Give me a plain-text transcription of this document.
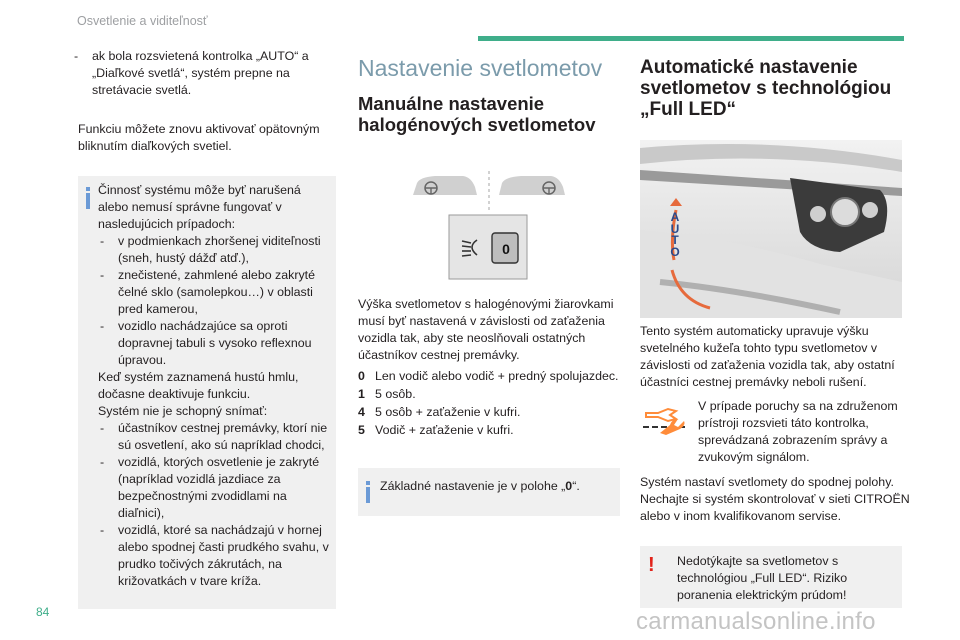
Osvetlenie a viditeľnosť
- ak bola rozsvietená kontrolka „AUTO“ a „Diaľkové svetlá“, systém prepne na stretávacie svetlá.
Funkciu môžete znovu aktivovať opätovným bliknutím diaľkových svetiel.
Činnosť systému môže byť narušená alebo nemusí správne fungovať v nasledujúcich prípadoch:
- v podmienkach zhoršenej viditeľnosti (sneh, hustý dážď atď.),
- znečistené, zahmlené alebo zakryté čelné sklo (samolepkou…) v oblasti pred kamerou,
- vozidlo nachádzajúce sa oproti dopravnej tabuli s vysoko reflexnou úpravou.
Keď systém zaznamená hustú hmlu, dočasne deaktivuje funkciu.
Systém nie je schopný snímať:
- účastníkov cestnej premávky, ktorí nie sú osvetlení, ako sú napríklad chodci,
- vozidlá, ktorých osvetlenie je zakryté (napríklad vozidlá jazdiace za bezpečnostnými zvodidlami na diaľnici),
- vozidlá, ktoré sa nachádzajú v hornej alebo spodnej časti prudkého svahu, v prudko točivých zákrutách, na križovatkách v tvare kríža.
Nastavenie svetlometov
Manuálne nastavenie halogénových svetlometov
0
Výška svetlometov s halogénovými žiarovkami musí byť nastavená v závislosti od zaťaženia vozidla tak, aby ste neoslňovali ostatných účastníkov cestnej premávky.
0 Len vodič alebo vodič + predný spolujazdec.
1 5 osôb.
4 5 osôb + zaťaženie v kufri.
5 Vodič + zaťaženie v kufri.
Základné nastavenie je v polohe „0“.
Automatické nastavenie
svetlometov s technológiou
„Full LED“
A
U
T
O
Tento systém automaticky upravuje výšku svetelného kužeľa tohto typu svetlometov v závislosti od zaťaženia vozidla tak, aby ostatní účastníci cestnej premávky neboli rušení.
V prípade poruchy sa na združenom prístroji rozsvieti táto kontrolka, sprevádzaná zobrazením správy a zvukovým signálom.
Systém nastaví svetlomety do spodnej polohy. Nechajte si systém skontrolovať v sieti CITROËN alebo v inom kvalifikovanom servise.
! Nedotýkajte sa svetlometov s technológiou „Full LED“. Riziko poranenia elektrickým prúdom!
84	carmanualsonline.info
